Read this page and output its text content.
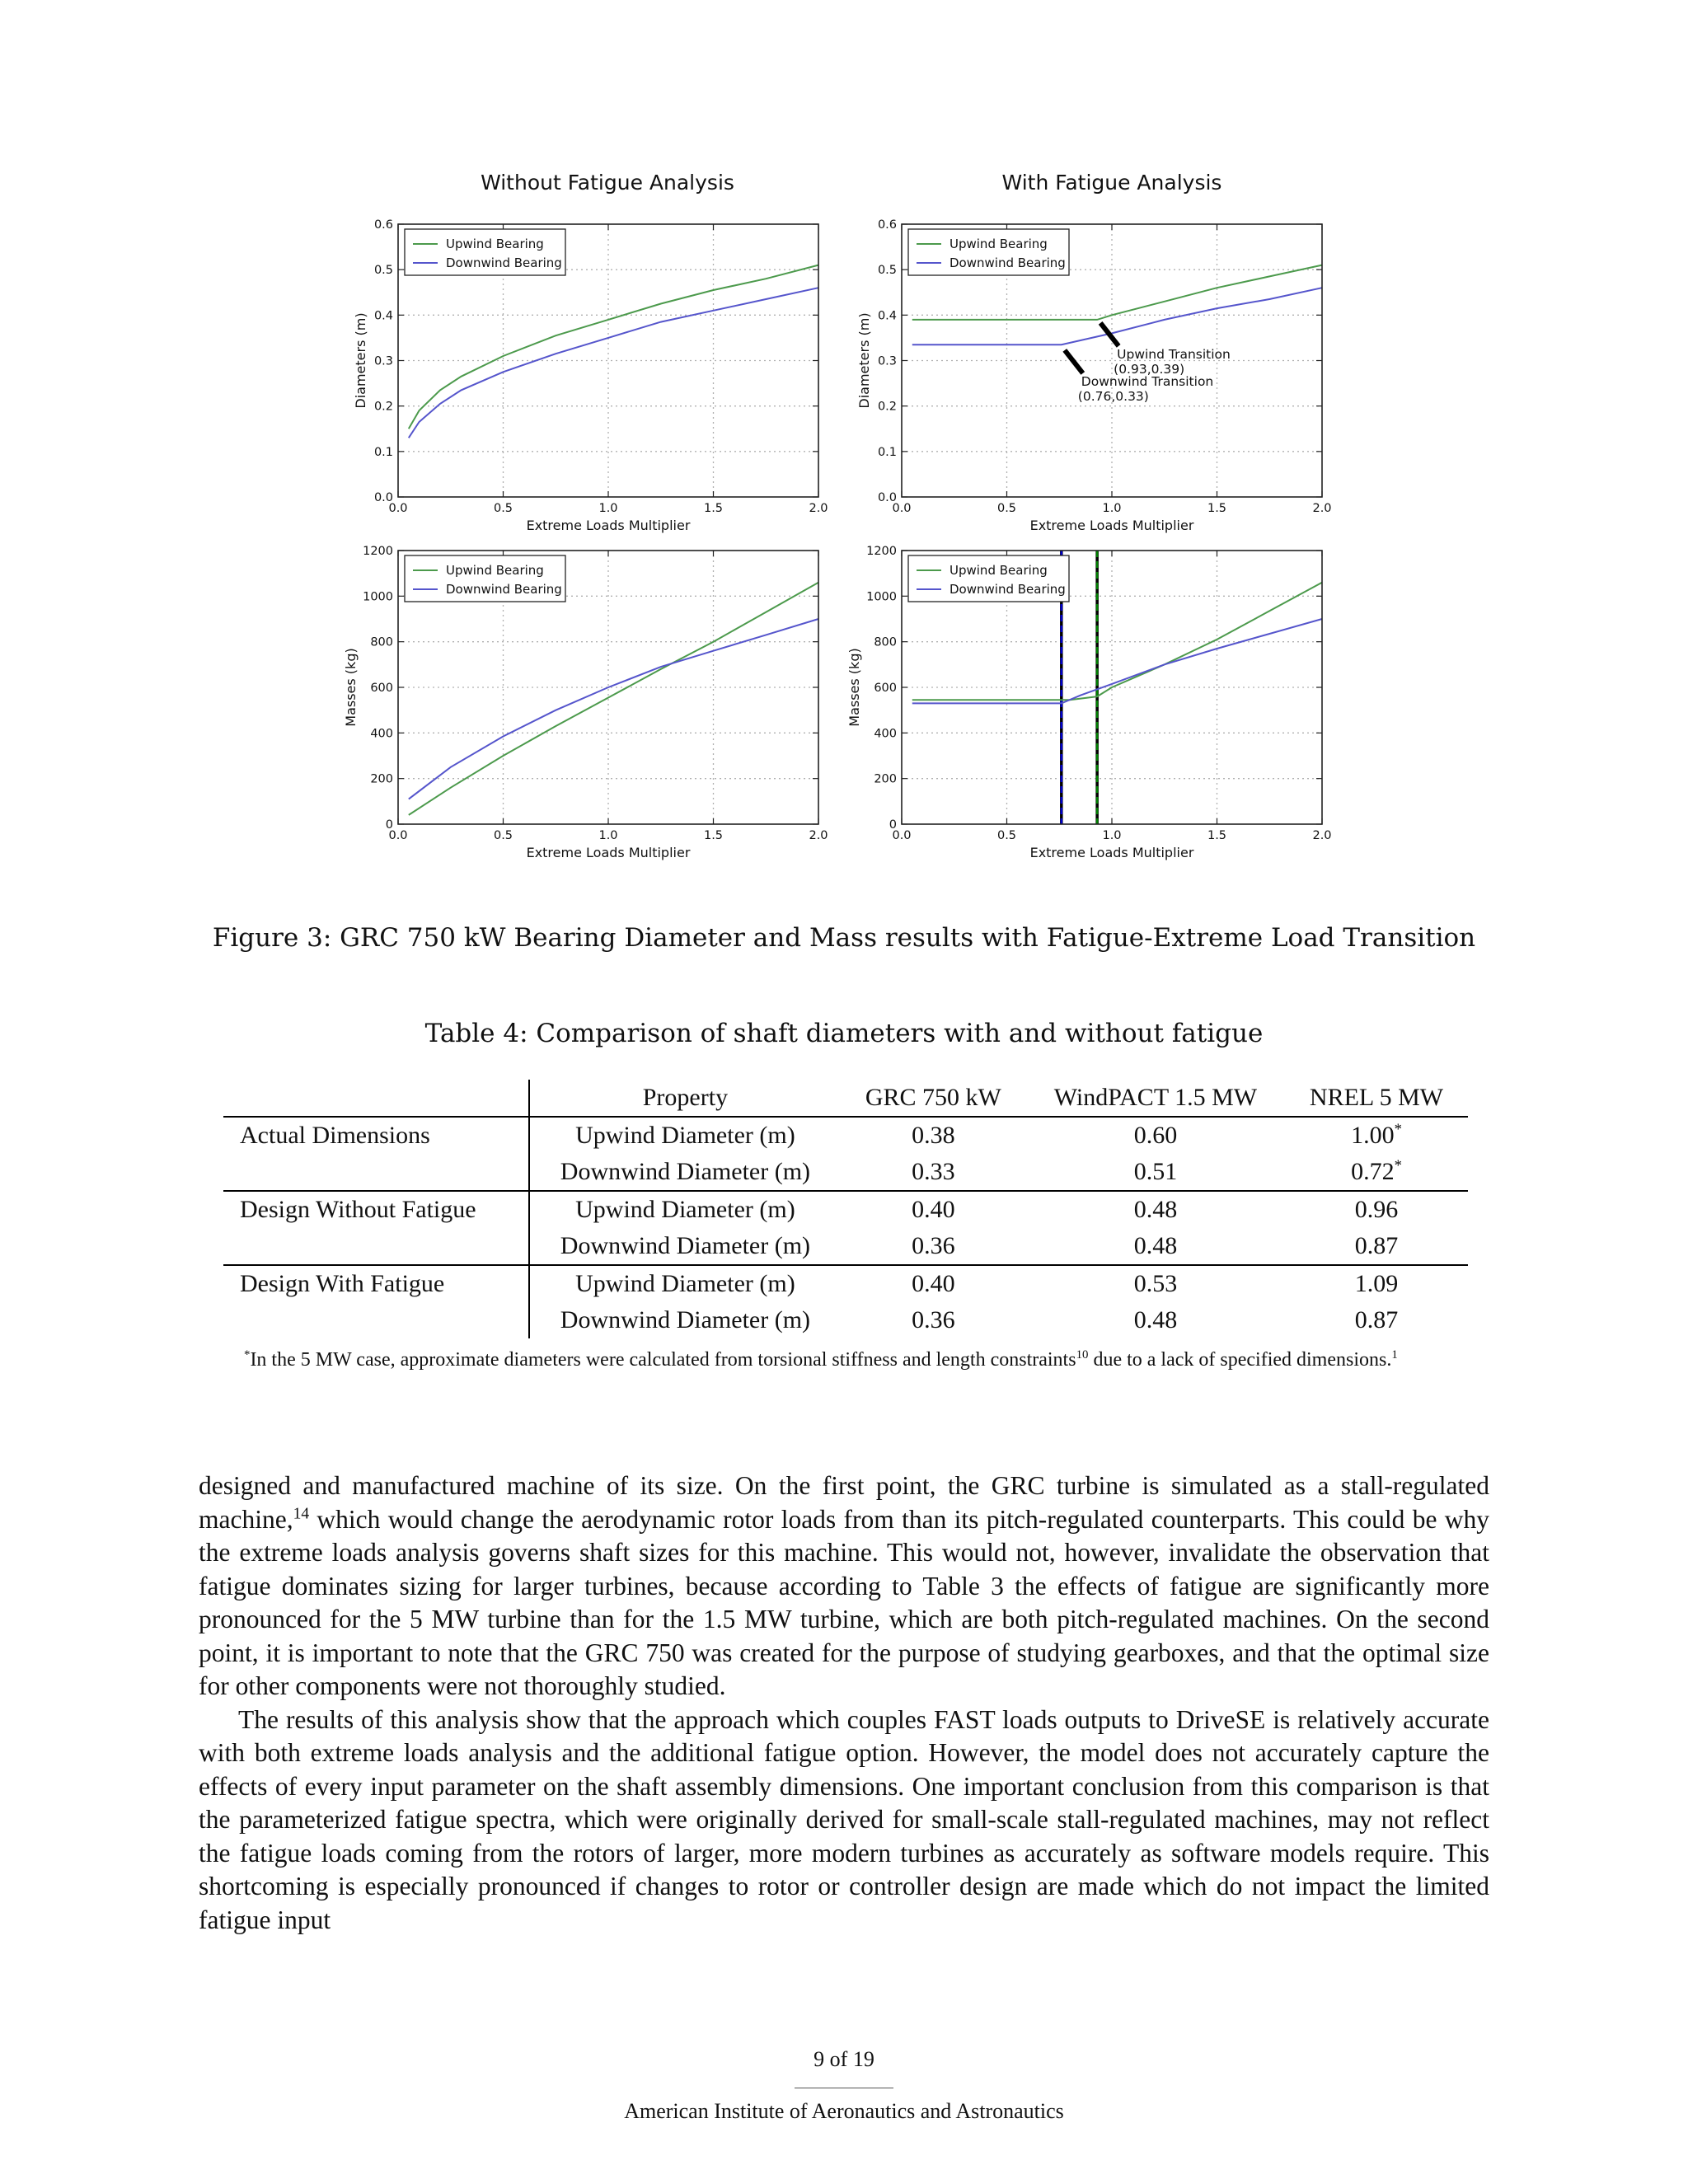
Without Fatigue Analysis	With Fatigue Analysis
0.0	0.5	1.0	1.5	2.0
0.0
0.1
0.2
0.3
0.4
0.5
0.6
Extreme Loads Multiplier
Diameters (m)
Upwind Bearing
Downwind Bearing
Upwind Transition
(0.93,0.39)
Downwind Transition
(0.76,0.33)
0.0	0.5	1.0	1.5	2.0
0.0
0.1
0.2
0.3
0.4
0.5
0.6
Extreme Loads Multiplier
Diameters (m)
Upwind Bearing
Downwind Bearing
0.0	0.5	1.0	1.5	2.0
0
200
400
600
800
1000
1200
Extreme Loads Multiplier
Masses (kg)
Upwind Bearing
Downwind Bearing
0.0	0.5	1.0	1.5	2.0
0
200
400
600
800
1000
1200
Extreme Loads Multiplier
Masses (kg)
Upwind Bearing
Downwind Bearing
Figure 3: GRC 750 kW Bearing Diameter and Mass results with Fatigue-Extreme Load Transition
Table 4: Comparison of shaft diameters with and without fatigue
	Property	GRC 750 kW	WindPACT 1.5 MW	NREL 5 MW
Actual Dimensions	Upwind Diameter (m)	0.38	0.60	1.00*
	Downwind Diameter (m)	0.33	0.51	0.72*
Design Without Fatigue	Upwind Diameter (m)	0.40	0.48	0.96
	Downwind Diameter (m)	0.36	0.48	0.87
Design With Fatigue	Upwind Diameter (m)	0.40	0.53	1.09
	Downwind Diameter (m)	0.36	0.48	0.87
*In the 5 MW case, approximate diameters were calculated from torsional stiffness and length constraints$^{10}$ due to a lack of specified dimensions.$^1$

designed and manufactured machine of its size. On the first point, the GRC turbine is simulated as a stall-regulated machine,$^{14}$ which would change the aerodynamic rotor loads from than its pitch-regulated counterparts. This could be why the extreme loads analysis governs shaft sizes for this machine. This would not, however, invalidate the observation that fatigue dominates sizing for larger turbines, because according to Table 3 the effects of fatigue are significantly more pronounced for the 5 MW turbine than for the 1.5 MW turbine, which are both pitch-regulated machines. On the second point, it is important to note that the GRC 750 was created for the purpose of studying gearboxes, and that the optimal size for other components were not thoroughly studied.

The results of this analysis show that the approach which couples FAST loads outputs to DriveSE is relatively accurate with both extreme loads analysis and the additional fatigue option. However, the model does not accurately capture the effects of every input parameter on the shaft assembly dimensions. One important conclusion from this comparison is that the parameterized fatigue spectra, which were originally derived for small-scale stall-regulated machines, may not reflect the fatigue loads coming from the rotors of larger, more modern turbines as accurately as software models require. This shortcoming is especially pronounced if changes to rotor or controller design are made which do not impact the limited fatigue input

9 of 19
American Institute of Aeronautics and Astronautics
